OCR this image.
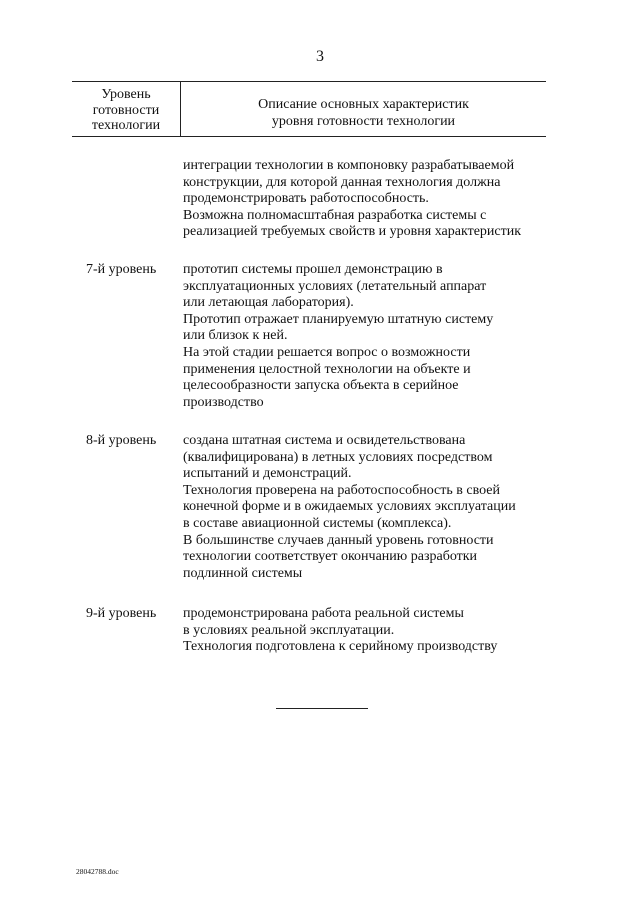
3
Уровень
готовности
технологии
Описание основных характеристик
уровня готовности технологии
интеграции технологии в компоновку разрабатываемой
конструкции, для которой данная технология должна
продемонстрировать работоспособность.
Возможна полномасштабная разработка системы с
реализацией требуемых свойств и уровня характеристик
7-й уровень прототип системы прошел демонстрацию в
эксплуатационных условиях (летательный аппарат
или летающая лаборатория).
Прототип отражает планируемую штатную систему
или близок к ней.
На этой стадии решается вопрос о возможности
применения целостной технологии на объекте и
целесообразности запуска объекта в серийное
производство
8-й уровень создана штатная система и освидетельствована
(квалифицирована) в летных условиях посредством
испытаний и демонстраций.
Технология проверена на работоспособность в своей
конечной форме и в ожидаемых условиях эксплуатации
в составе авиационной системы (комплекса).
В большинстве случаев данный уровень готовности
технологии соответствует окончанию разработки
подлинной системы
9-й уровень продемонстрирована работа реальной системы
в условиях реальной эксплуатации.
Технология подготовлена к серийному производству
28042788.doc
